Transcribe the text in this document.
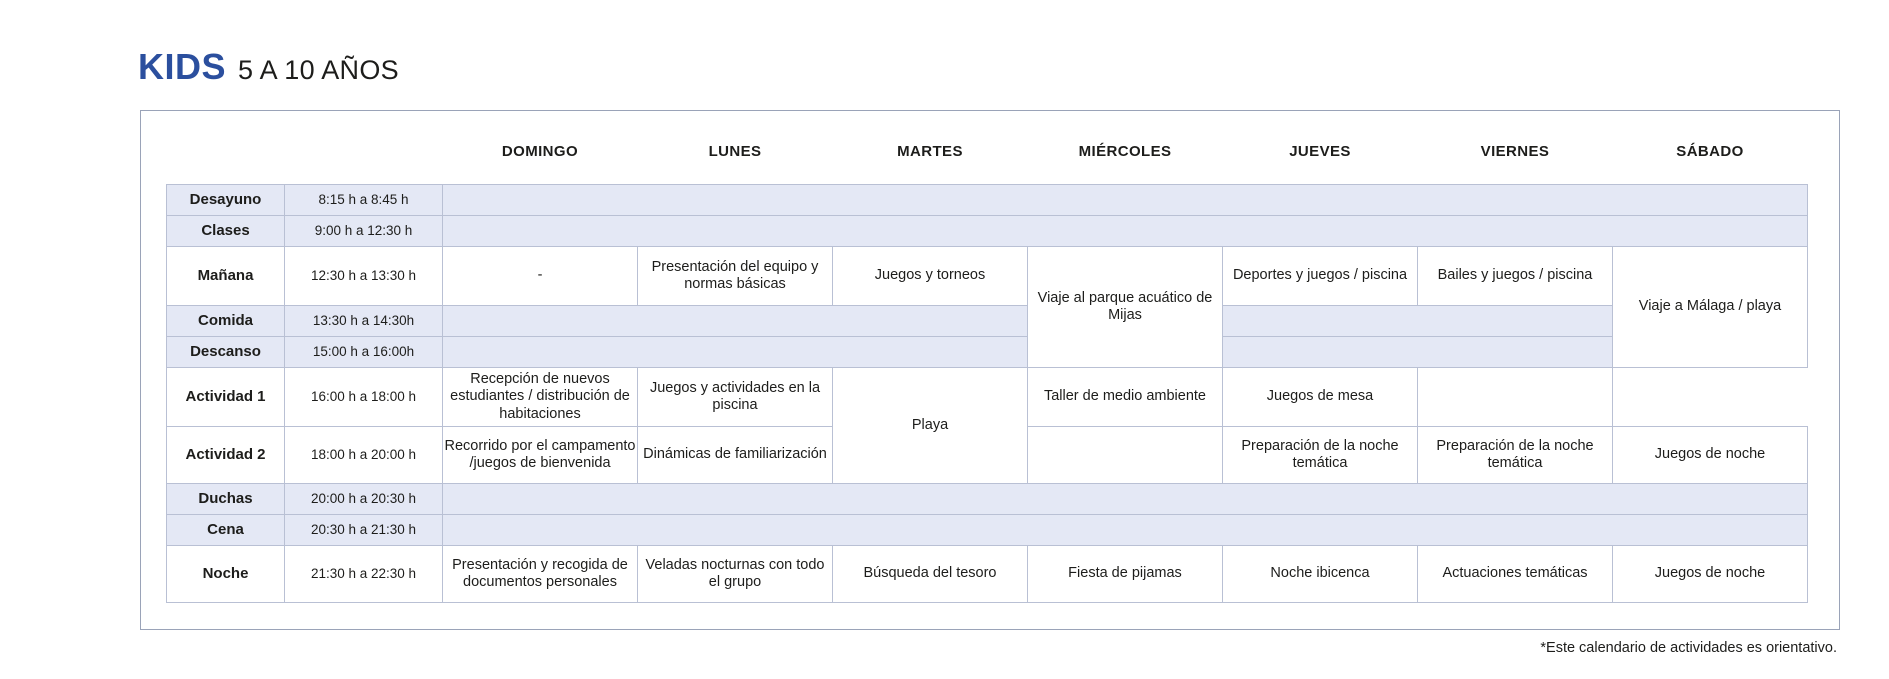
KIDS 5 A 10 AÑOS
		DOMINGO	LUNES	MARTES	MIÉRCOLES	JUEVES	VIERNES	SÁBADO
Desayuno	8:15 h a 8:45 h							
Clases	9:00 h a 12:30 h							
Mañana	12:30 h a 13:30 h	-	Presentación del equipo y normas básicas	Juegos y torneos	Viaje al parque acuático de Mijas	Deportes y juegos / piscina	Bailes y juegos / piscina	Viaje a Málaga / playa
Comida	13:30 h a 14:30h							
Descanso	15:00 h a 16:00h							
Actividad 1	16:00 h a 18:00 h	Recepción de nuevos estudiantes / distribución de habitaciones	Juegos y actividades en la piscina	Playa	Taller de medio ambiente	Juegos de mesa		
Actividad 2	18:00 h a 20:00 h	Recorrido por el campamento /juegos de bienvenida	Dinámicas de familiarización			Preparación de la noche temática	Preparación de la noche temática	Juegos de noche
Duchas	20:00 h a 20:30 h							
Cena	20:30 h a 21:30 h							
Noche	21:30 h a 22:30 h	Presentación y recogida de documentos personales	Veladas nocturnas con todo el grupo	Búsqueda del tesoro	Fiesta de pijamas	Noche ibicenca	Actuaciones temáticas	Juegos de noche
*Este calendario de actividades es orientativo.
